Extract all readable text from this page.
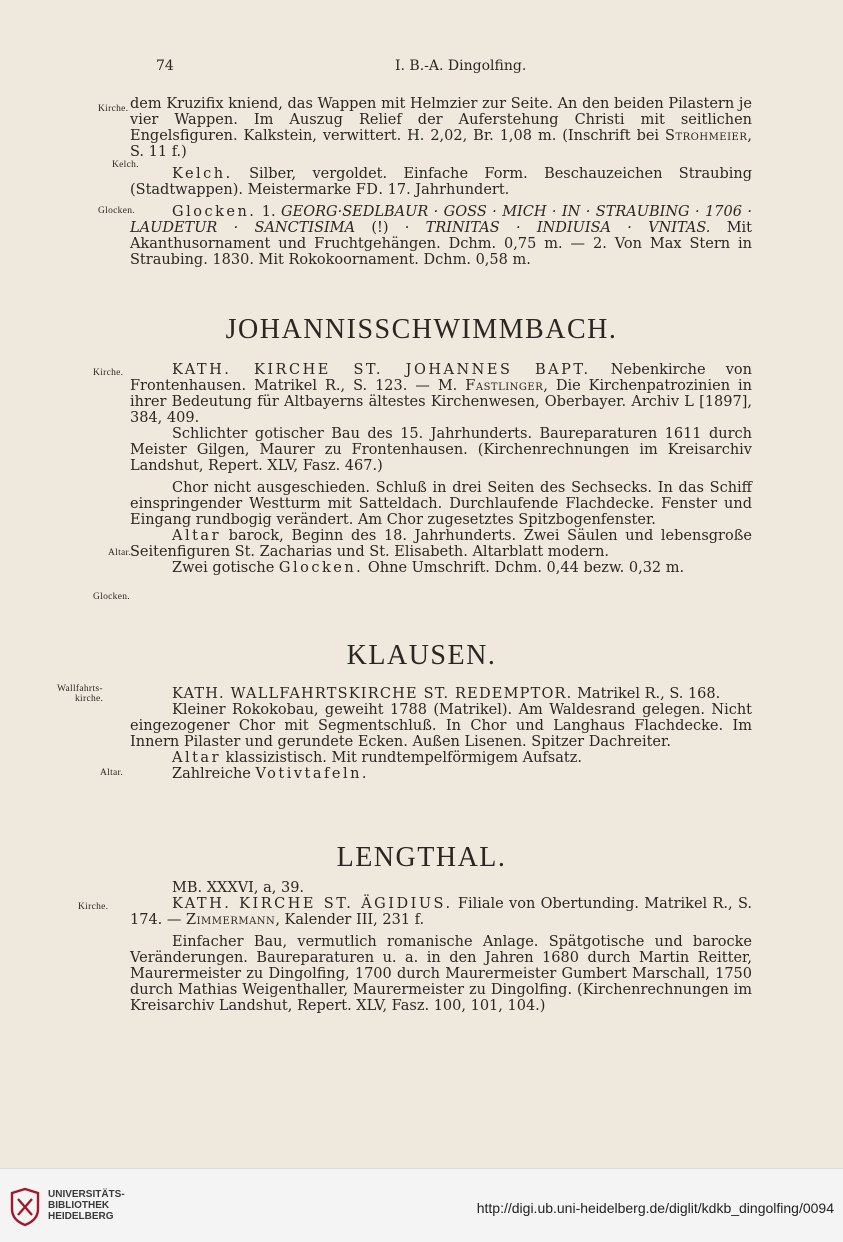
74	I. B.-A. Dingolfing.
Kirche.
Kelch.
Glocken.

dem Kruzifix kniend, das Wappen mit Helmzier zur Seite. An den beiden Pilastern je vier Wappen. Im Auszug Relief der Auferstehung Christi mit seitlichen Engelsfiguren. Kalkstein, verwittert. H. 2,02, Br. 1,08 m. (Inschrift bei Strohmeier, S. 11 f.)

Kelch. Silber, vergoldet. Einfache Form. Beschauzeichen Straubing (Stadtwappen). Meistermarke FD. 17. Jahrhundert.

Glocken. 1. GEORG·SEDLBAUR · GOSS · MICH · IN · STRAUBING · 1706 · LAUDETUR · SANCTISIMA (!) · TRINITAS · INDIUISA · VNITAS. Mit Akanthusornament und Fruchtgehängen. Dchm. 0,75 m. — 2. Von Max Stern in Straubing. 1830. Mit Rokokoornament. Dchm. 0,58 m.

JOHANNISSCHWIMMBACH.
Kirche.
Altar.
Glocken.

KATH. KIRCHE ST. JOHANNES BAPT. Nebenkirche von Frontenhausen. Matrikel R., S. 123. — M. Fastlinger, Die Kirchenpatrozinien in ihrer Bedeutung für Altbayerns ältestes Kirchenwesen, Oberbayer. Archiv L [1897], 384, 409.

Schlichter gotischer Bau des 15. Jahrhunderts. Baureparaturen 1611 durch Meister Gilgen, Maurer zu Frontenhausen. (Kirchenrechnungen im Kreisarchiv Landshut, Repert. XLV, Fasz. 467.)

Chor nicht ausgeschieden. Schluß in drei Seiten des Sechsecks. In das Schiff einspringender Westturm mit Satteldach. Durchlaufende Flachdecke. Fenster und Eingang rundbogig verändert. Am Chor zugesetztes Spitzbogenfenster.

Altar barock, Beginn des 18. Jahrhunderts. Zwei Säulen und lebensgroße Seitenfiguren St. Zacharias und St. Elisabeth. Altarblatt modern.

Zwei gotische Glocken. Ohne Umschrift. Dchm. 0,44 bezw. 0,32 m.

KLAUSEN.
Wallfahrts-
kirche.
Altar.

KATH. WALLFAHRTSKIRCHE ST. REDEMPTOR. Matrikel R., S. 168.

Kleiner Rokokobau, geweiht 1788 (Matrikel). Am Waldesrand gelegen. Nicht eingezogener Chor mit Segmentschluß. In Chor und Langhaus Flachdecke. Im Innern Pilaster und gerundete Ecken. Außen Lisenen. Spitzer Dachreiter.

Altar klassizistisch. Mit rundtempelförmigem Aufsatz.

Zahlreiche Votivtafeln.

LENGTHAL.
Kirche.

MB. XXXVI, a, 39.

KATH. KIRCHE ST. ÄGIDIUS. Filiale von Obertunding. Matrikel R., S. 174. — Zimmermann, Kalender III, 231 f.

Einfacher Bau, vermutlich romanische Anlage. Spätgotische und barocke Veränderungen. Baureparaturen u. a. in den Jahren 1680 durch Martin Reitter, Maurermeister zu Dingolfing, 1700 durch Maurermeister Gumbert Marschall, 1750 durch Mathias Weigenthaller, Maurermeister zu Dingolfing. (Kirchenrechnungen im Kreisarchiv Landshut, Repert. XLV, Fasz. 100, 101, 104.)

UNIVERSITÄTS-
BIBLIOTHEK
HEIDELBERG
http://digi.ub.uni-heidelberg.de/diglit/kdkb_dingolfing/0094
